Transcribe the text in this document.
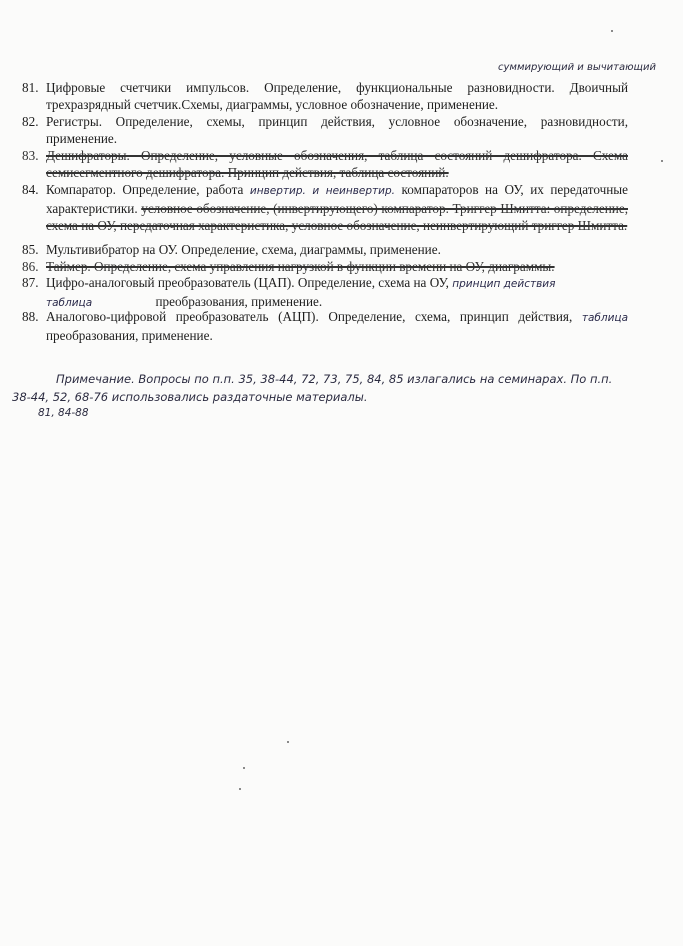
суммирующий и вычитающий
81. Цифровые счетчики импульсов. Определение, функциональные разновидности. Двоичный трехразрядный счетчик.Схемы, диаграммы, условное обозначение, применение.
82. Регистры. Определение, схемы, принцип действия, условное обозначение, разновидности, применение.
83. Дешифраторы. Определение, условные обозначения, таблица состояний дешифратора. Схема семисегментного дешифратора. Принцип действия, таблица состояний.
84. Компаратор. Определение, работа инвертир. и неинвертир. компараторов на ОУ, их передаточные характеристики. условное обозначение, (инвертирующего) компаратор. Триггер Шмитта: определение, схема на ОУ, передаточная характеристика, условное обозначение, неинвертирующий триггер Шмитта.
85. Мультивибратор на ОУ. Определение, схема, диаграммы, применение.
86. Таймер. Определение, схема управления нагрузкой в функции времени на ОУ, диаграммы.
87. Цифро-аналоговый преобразователь (ЦАП). Определение, схема на ОУ, принцип действия
таблица	преобразования, применение.
88. Аналогово-цифровой преобразователь (АЦП). Определение, схема, принцип действия, таблица преобразования, применение.
Примечание. Вопросы по п.п. 35, 38-44, 72, 73, 75, 84, 85 излагались на семинарах. По п.п.
38-44, 52, 68-76 использовались раздаточные материалы.
81, 84-88
